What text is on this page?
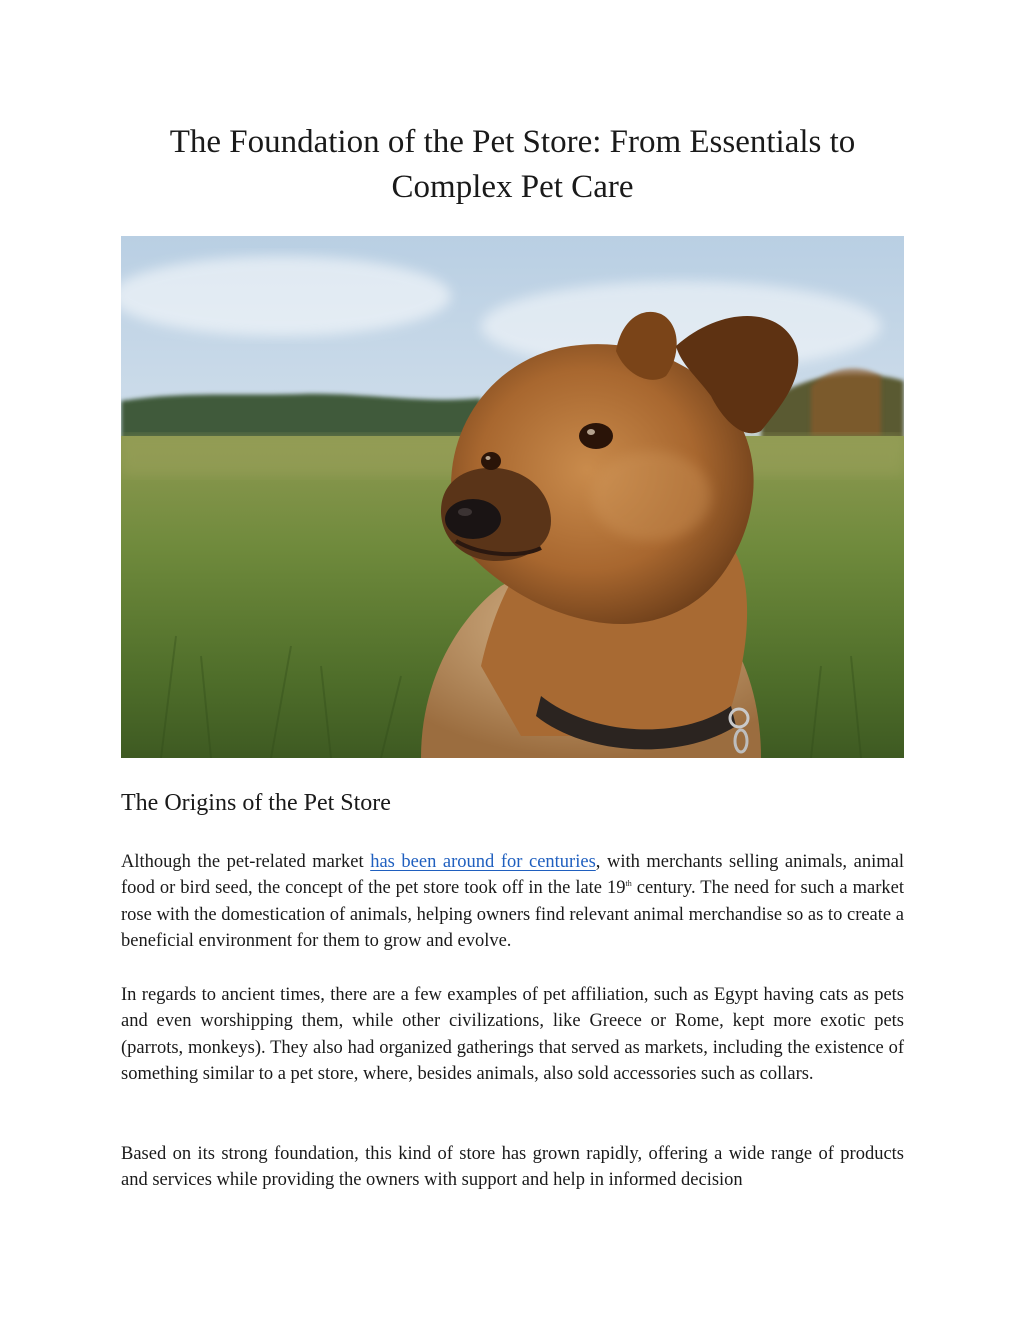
The Foundation of the Pet Store: From Essentials to Complex Pet Care
The Origins of the Pet Store

Although the pet-related market has been around for centuries, with merchants selling animals, animal food or bird seed, the concept of the pet store took off in the late 19th century. The need for such a market rose with the domestication of animals, helping owners find relevant animal merchandise so as to create a beneficial environment for them to grow and evolve.

In regards to ancient times, there are a few examples of pet affiliation, such as Egypt having cats as pets and even worshipping them, while other civilizations, like Greece or Rome, kept more exotic pets (parrots, monkeys). They also had organized gatherings that served as markets, including the existence of something similar to a pet store, where, besides animals, also sold accessories such as collars.

Based on its strong foundation, this kind of store has grown rapidly, offering a wide range of products and services while providing the owners with support and help in informed decision
